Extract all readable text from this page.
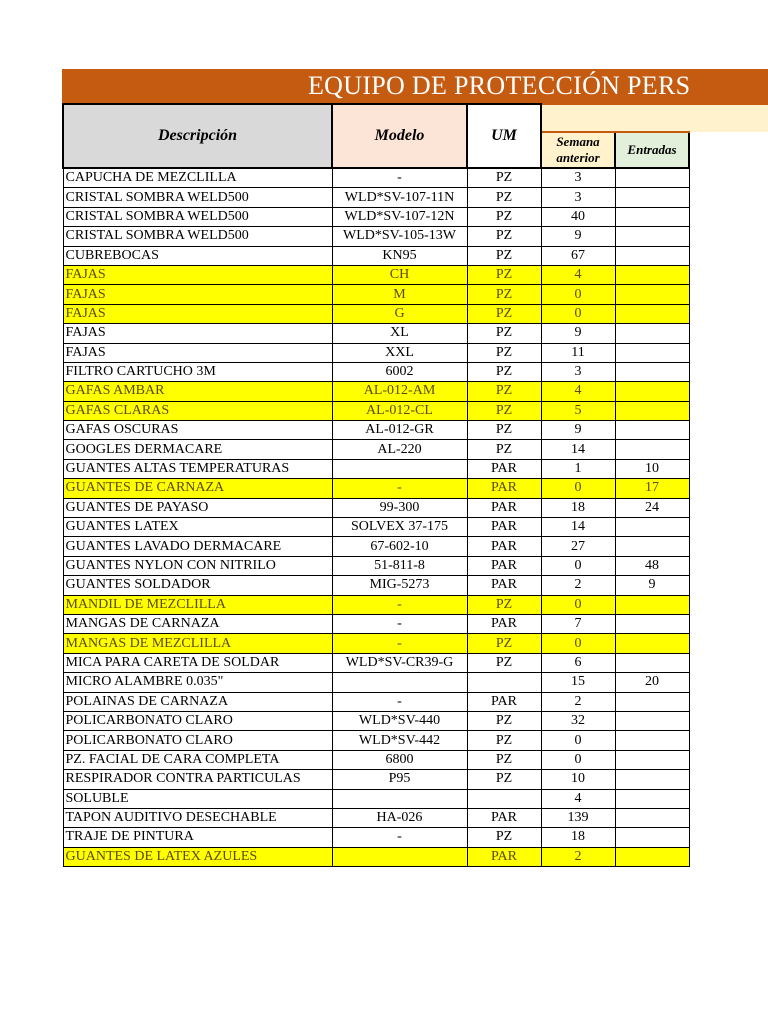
EQUIPO DE PROTECCIÓN PERS
Descripción	Modelo	UM			
			Semana anterior	Entradas	
CAPUCHA DE MEZCLILLA	-	PZ	3		
CRISTAL SOMBRA WELD500	WLD*SV-107-11N	PZ	3		
CRISTAL SOMBRA WELD500	WLD*SV-107-12N	PZ	40		
CRISTAL SOMBRA WELD500	WLD*SV-105-13W	PZ	9		
CUBREBOCAS	KN95	PZ	67		
FAJAS	CH	PZ	4		
FAJAS	M	PZ	0		
FAJAS	G	PZ	0		
FAJAS	XL	PZ	9		
FAJAS	XXL	PZ	11		
FILTRO CARTUCHO 3M	6002	PZ	3		
GAFAS AMBAR	AL-012-AM	PZ	4		
GAFAS CLARAS	AL-012-CL	PZ	5		
GAFAS OSCURAS	AL-012-GR	PZ	9		
GOOGLES DERMACARE	AL-220	PZ	14		
GUANTES ALTAS TEMPERATURAS		PAR	1	10	
GUANTES DE CARNAZA	-	PAR	0	17	
GUANTES DE PAYASO	99-300	PAR	18	24	
GUANTES LATEX	SOLVEX 37-175	PAR	14		
GUANTES LAVADO DERMACARE	67-602-10	PAR	27		
GUANTES NYLON CON NITRILO	51-811-8	PAR	0	48	
GUANTES SOLDADOR	MIG-5273	PAR	2	9	
MANDIL DE MEZCLILLA	-	PZ	0		
MANGAS DE CARNAZA	-	PAR	7		
MANGAS DE MEZCLILLA	-	PZ	0		
MICA PARA CARETA DE SOLDAR	WLD*SV-CR39-G	PZ	6		
MICRO ALAMBRE 0.035"			15	20	
POLAINAS DE CARNAZA	-	PAR	2		
POLICARBONATO CLARO	WLD*SV-440	PZ	32		
POLICARBONATO CLARO	WLD*SV-442	PZ	0		
PZ. FACIAL DE CARA COMPLETA	6800	PZ	0		
RESPIRADOR CONTRA PARTICULAS	P95	PZ	10		
SOLUBLE			4		
TAPON AUDITIVO DESECHABLE	HA-026	PAR	139		
TRAJE DE PINTURA	-	PZ	18		
GUANTES DE LATEX AZULES		PAR	2		
